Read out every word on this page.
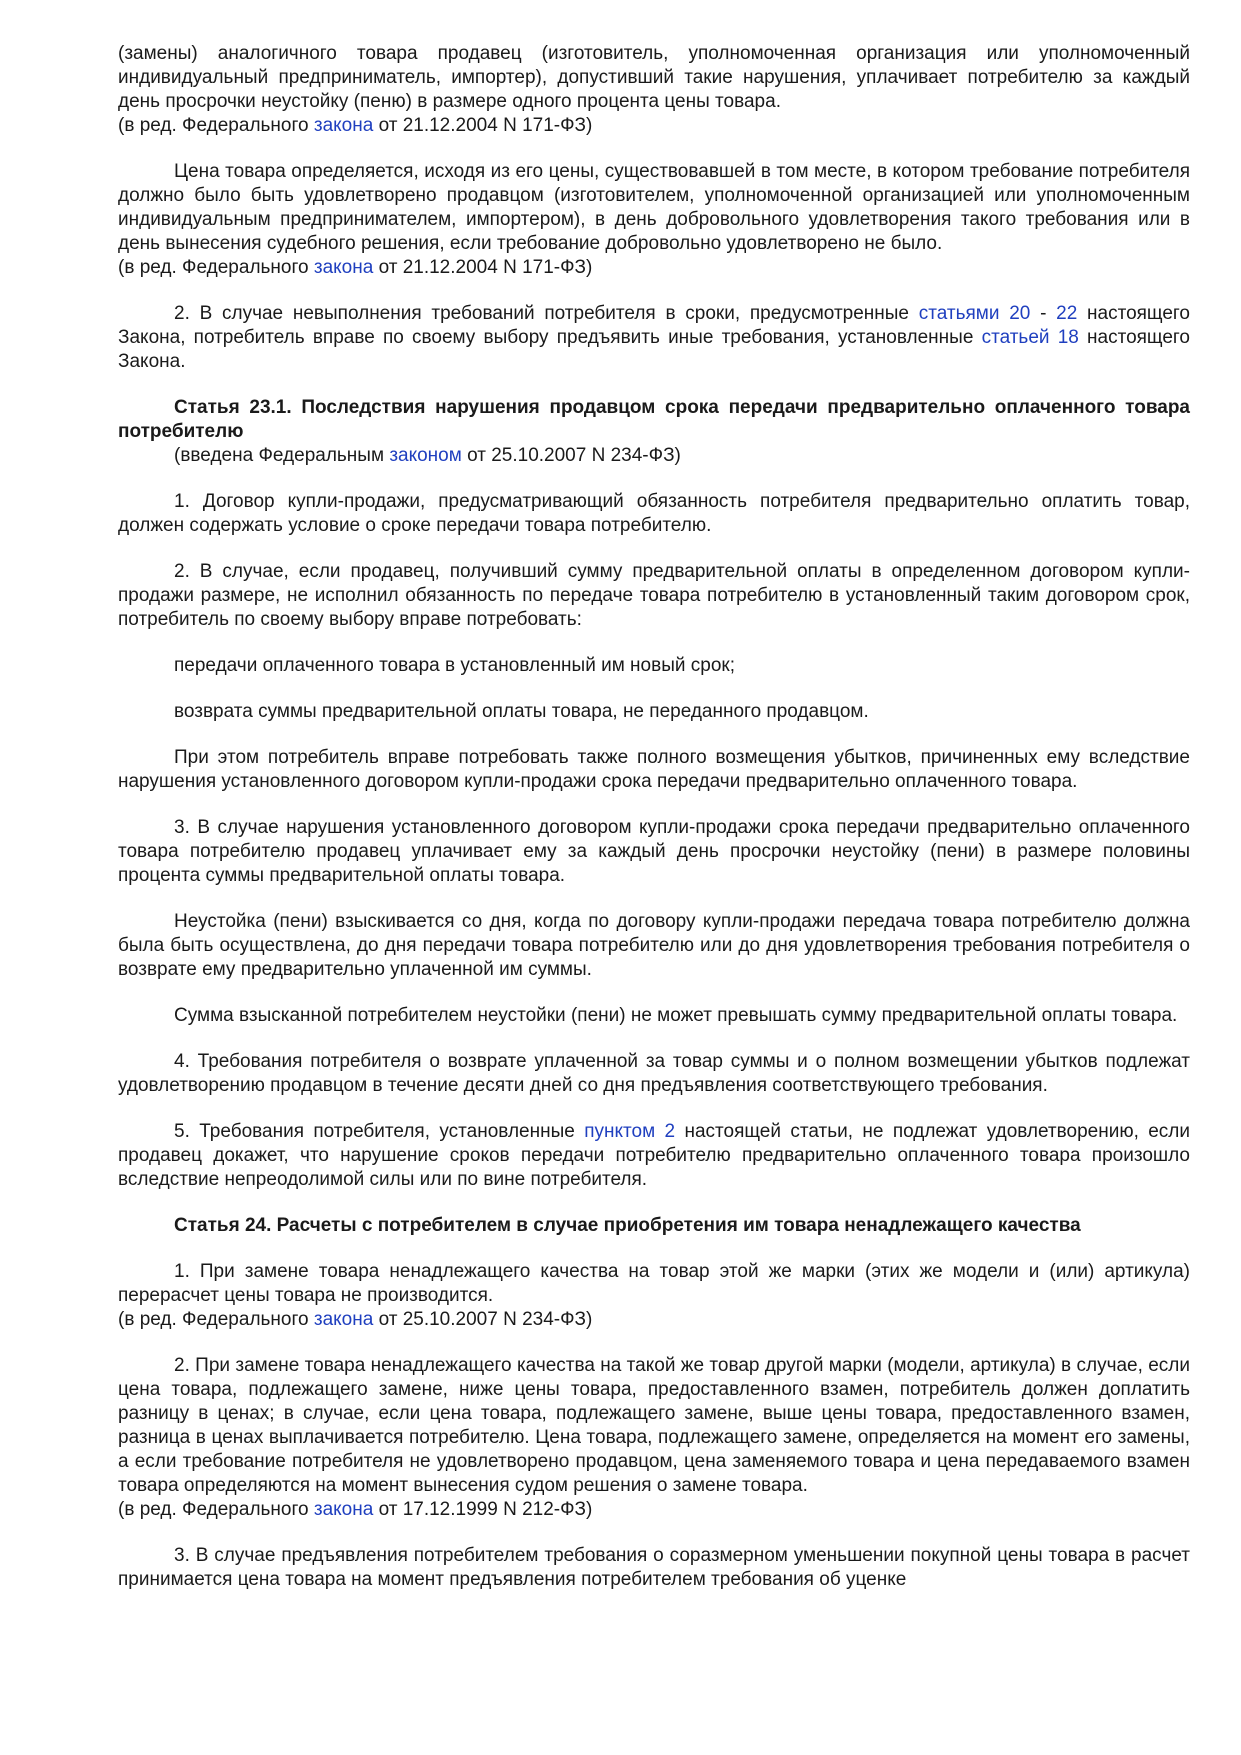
(замены) аналогичного товара продавец (изготовитель, уполномоченная организация или уполномоченный индивидуальный предприниматель, импортер), допустивший такие нарушения, уплачивает потребителю за каждый день просрочки неустойку (пеню) в размере одного процента цены товара.

(в ред. Федерального закона от 21.12.2004 N 171-ФЗ)

Цена товара определяется, исходя из его цены, существовавшей в том месте, в котором требование потребителя должно было быть удовлетворено продавцом (изготовителем, уполномоченной организацией или уполномоченным индивидуальным предпринимателем, импортером), в день добровольного удовлетворения такого требования или в день вынесения судебного решения, если требование добровольно удовлетворено не было.

(в ред. Федерального закона от 21.12.2004 N 171-ФЗ)

2. В случае невыполнения требований потребителя в сроки, предусмотренные статьями 20 - 22 настоящего Закона, потребитель вправе по своему выбору предъявить иные требования, установленные статьей 18 настоящего Закона.

Статья 23.1. Последствия нарушения продавцом срока передачи предварительно оплаченного товара потребителю

(введена Федеральным законом от 25.10.2007 N 234-ФЗ)

1. Договор купли-продажи, предусматривающий обязанность потребителя предварительно оплатить товар, должен содержать условие о сроке передачи товара потребителю.

2. В случае, если продавец, получивший сумму предварительной оплаты в определенном договором купли-продажи размере, не исполнил обязанность по передаче товара потребителю в установленный таким договором срок, потребитель по своему выбору вправе потребовать:

передачи оплаченного товара в установленный им новый срок;

возврата суммы предварительной оплаты товара, не переданного продавцом.

При этом потребитель вправе потребовать также полного возмещения убытков, причиненных ему вследствие нарушения установленного договором купли-продажи срока передачи предварительно оплаченного товара.

3. В случае нарушения установленного договором купли-продажи срока передачи предварительно оплаченного товара потребителю продавец уплачивает ему за каждый день просрочки неустойку (пени) в размере половины процента суммы предварительной оплаты товара.

Неустойка (пени) взыскивается со дня, когда по договору купли-продажи передача товара потребителю должна была быть осуществлена, до дня передачи товара потребителю или до дня удовлетворения требования потребителя о возврате ему предварительно уплаченной им суммы.

Сумма взысканной потребителем неустойки (пени) не может превышать сумму предварительной оплаты товара.

4. Требования потребителя о возврате уплаченной за товар суммы и о полном возмещении убытков подлежат удовлетворению продавцом в течение десяти дней со дня предъявления соответствующего требования.

5. Требования потребителя, установленные пунктом 2 настоящей статьи, не подлежат удовлетворению, если продавец докажет, что нарушение сроков передачи потребителю предварительно оплаченного товара произошло вследствие непреодолимой силы или по вине потребителя.

Статья 24. Расчеты с потребителем в случае приобретения им товара ненадлежащего качества

1. При замене товара ненадлежащего качества на товар этой же марки (этих же модели и (или) артикула) перерасчет цены товара не производится.

(в ред. Федерального закона от 25.10.2007 N 234-ФЗ)

2. При замене товара ненадлежащего качества на такой же товар другой марки (модели, артикула) в случае, если цена товара, подлежащего замене, ниже цены товара, предоставленного взамен, потребитель должен доплатить разницу в ценах; в случае, если цена товара, подлежащего замене, выше цены товара, предоставленного взамен, разница в ценах выплачивается потребителю. Цена товара, подлежащего замене, определяется на момент его замены, а если требование потребителя не удовлетворено продавцом, цена заменяемого товара и цена передаваемого взамен товара определяются на момент вынесения судом решения о замене товара.

(в ред. Федерального закона от 17.12.1999 N 212-ФЗ)

3. В случае предъявления потребителем требования о соразмерном уменьшении покупной цены товара в расчет принимается цена товара на момент предъявления потребителем требования об уценке
